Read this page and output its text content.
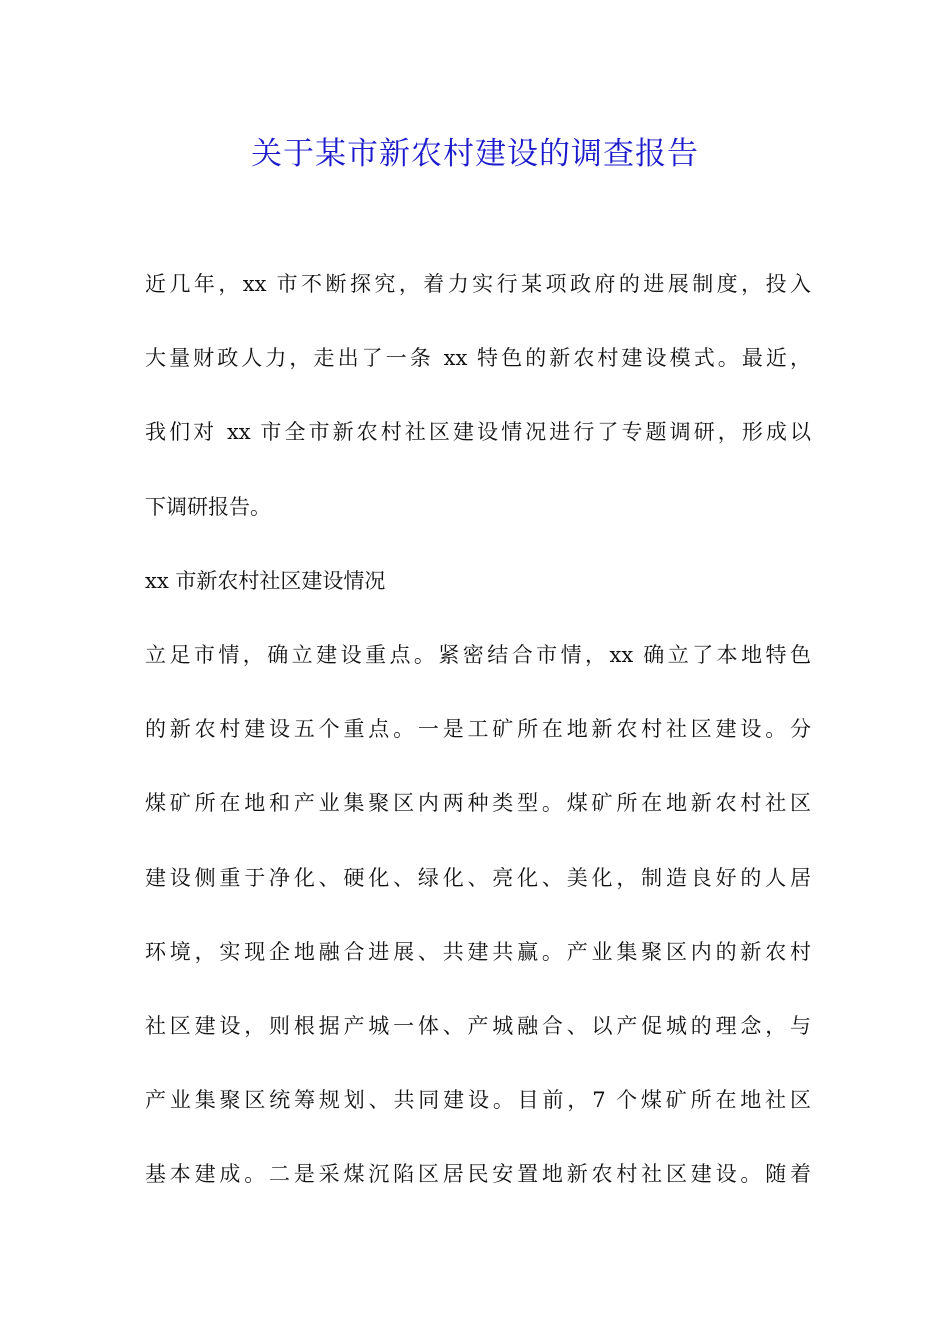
关于某市新农村建设的调查报告
近几年，xx 市不断探究，着力实行某项政府的进展制度，投入
大量财政人力，走出了一条 xx 特色的新农村建设模式。最近，
我们对 xx 市全市新农村社区建设情况进行了专题调研，形成以
下调研报告。
xx 市新农村社区建设情况
立足市情，确立建设重点。紧密结合市情，xx 确立了本地特色
的新农村建设五个重点。一是工矿所在地新农村社区建设。分
煤矿所在地和产业集聚区内两种类型。煤矿所在地新农村社区
建设侧重于净化、硬化、绿化、亮化、美化，制造良好的人居
环境，实现企地融合进展、共建共赢。产业集聚区内的新农村
社区建设，则根据产城一体、产城融合、以产促城的理念，与
产业集聚区统筹规划、共同建设。目前，7 个煤矿所在地社区
基本建成。二是采煤沉陷区居民安置地新农村社区建设。随着
